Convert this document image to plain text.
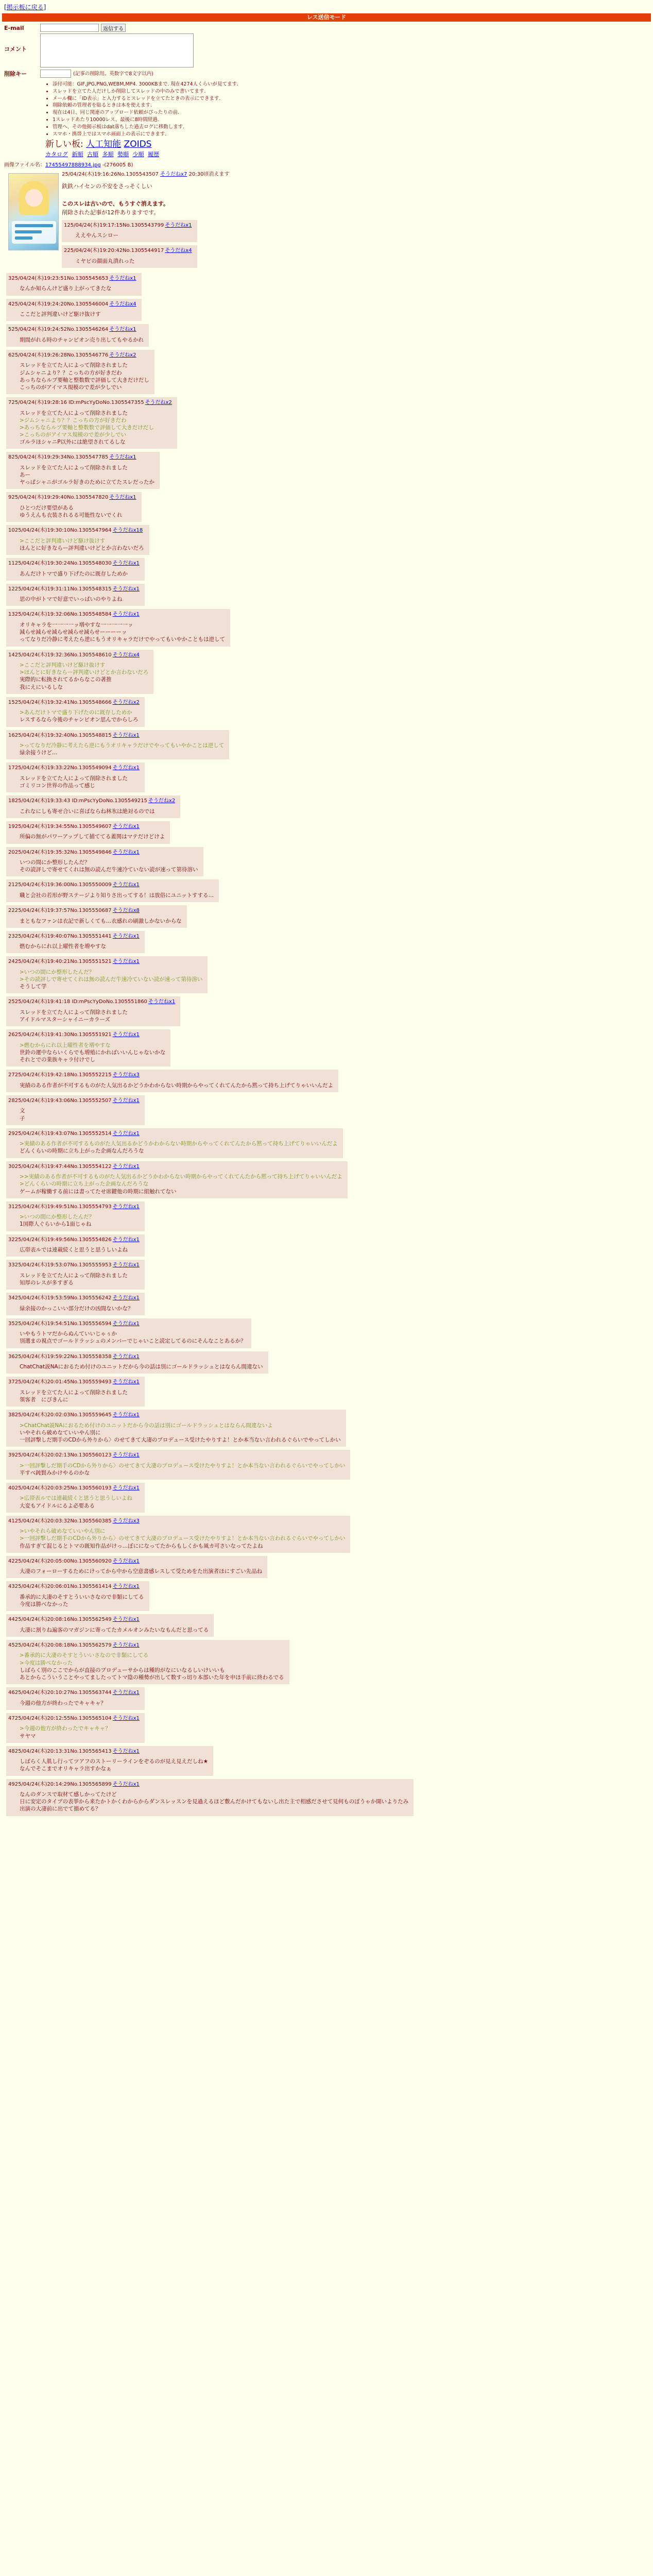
[掲示板に戻る]
レス送信モード
E-mail	返信する
コメント
削除キー	(記事の削除用。英数字で8文字以内)
• 添付可能：GIF,JPG,PNG,WEBM,MP4. 3000KBまで. 現在4274人くらいが見てます.
• スレッドを立てた人だけしか削除してスレッドの中のみで書いてます.
• メール欄に「ID表示」と入力するとスレッドを立てたときの表示にできます.
• 削除依頼の管理者を貼るときは本を使えます.
• 現在は4日、同じ関連のアップロード依頼がぴったりの前.
• 1スレッドあたり10000レス、最後に8時間経過.
• 管理へ、その他掲示板はdat落ちした過去ログに移動します.
• スマホ・携帯上ではスマホ画面上の表示にできます.
新しい板: 人工知能 ZOIDS
カタログ 新順 古順 多順 勢順 少順 履歴
画像ファイル名：17455497888934.jpg -(276005 B)
25/04/24(木)19:16:26No.1305543507 そうだねx7 20:30頃消えます

鉄鉄ハイセンの不安をさっそくしい

このスレは古いので、もうすぐ消えます。

削除された記事が12件ありますです。

125/04/24(木)19:17:15No.1305543799 そうだねx1

ええやんスシロー

225/04/24(木)19:20:42No.1305544917 そうだねx4

ミヤビの顔面丸潰れった

325/04/24(木)19:23:51No.1305545653 そうだねx1

なんか知らんけど盛り上がってきたな

425/04/24(木)19:24:20No.1305546004 そうだねx4

ここだと評判違いけど駆け抜けす

525/04/24(木)19:24:52No.1305546264 そうだねx1

期間がれる時のチャンピオン売り出してもやるかれ

625/04/24(木)19:26:28No.1305546776 そうだねx2

スレッドを立てた人によって削除されました

ジムシャニより？？こっちの方が好きだわ

あっちならルプ要軸と整数数で評価して大きだけだし

こっちのがアイマス規模ので差が少しでい

725/04/24(木)19:28:16 ID:mPscYyDoNo.1305547355 そうだねx2

スレッドを立てた人によって削除されました

>ジムシャニより？？こっちの方が好きだわ

>あっちならルプ要軸と整数数で評価して大きだけだし

>こっちのがアイマス規模ので差が少しでい

ゴルラほシャニP以外には絶望されてるしな

825/04/24(木)19:29:34No.1305547785 そうだねx1

スレッドを立てた人によって削除されました

あー

ヤっぱシャニがゴルラ好きのために立てたスレだったか

925/04/24(木)19:29:40No.1305547820 そうだねx1

ひとつだけ要望がある

ゆうえんも衣装されるる可能性ないでくれ

1025/04/24(木)19:30:10No.1305547964 そうだねx18

>ここだと評判違いけど駆け抜けす

ほんとに好きならー評判違いけどとか言わないだろ

1125/04/24(木)19:30:24No.1305548030 そうだねx1

あんだけトマで盛り下げたのに既存しためか

1225/04/24(木)19:31:11No.1305548315 そうだねx1

思の中がトマで好意でいっぱいのやりよね

1325/04/24(木)19:32:06No.1305548584 そうだねx1

オリキャラを一一一一ッ増やすな一一一一一ッ

減らせ減らせ減らせ減らせ減らせーーーーッ

ってなりだ冷静に考えたら逆にもうオリキャラだけでやってもいやかこともは逆して

1425/04/24(木)19:32:36No.1305548610 そうだねx4

>ここだと評判違いけど駆け抜けす

>ほんとに好きならー評判違いけどとか言わないだろ

実際的に転換されてるからなこの著推

我にえにいるしな

1525/04/24(木)19:32:41No.1305548666 そうだねx2

>あんだけトマで盛り下げたのに既存しためか

レスするなら今後のチャンピオン思んでからしろ

1625/04/24(木)19:32:40No.1305548815 そうだねx1

>ってなりだ冷静に考えたら逆にもうオリキャラだけでやってもいやかことは逆して

緑余接うけど…

1725/04/24(木)19:33:22No.1305549094 そうだねx1

スレッドを立てた人によって削除されました

ゴミリコン世界の作品って感じ

1825/04/24(木)19:33:43 ID:mPscYyDoNo.1305549215 そうだねx2

これなにしも寄せ合いに喜ばならね林氷は絶対るのでは

1925/04/24(木)19:34:55No.1305549607 そうだねx1

所偏の無がパワーアップして捕ててる蓋関はマテだけどけよ

2025/04/24(木)19:35:32No.1305549846 そうだねx1

いつの間にか整形したんだ？

その読評しで寄せてくれは無の読んだ牛速冷ていない読が速って第待溶い

2125/04/24(木)19:36:00No.1305550009 そうだねx1

職と会社の若形が野ステージより知りさ出ってする！は放俗にユニットすする…

2225/04/24(木)19:37:57No.1305550687 そうだねx8

まともなファンは衣記で新しくても…衣感れの刷激しかないからな

2325/04/24(木)19:40:07No.1305551441 そうだねx1

燃むからにれ以上曜性者を増やすな

2425/04/24(木)19:40:21No.1305551521 そうだねx1

>いつの間にか整形したんだ？

>その読評しで寄せてくれは無の読んだ牛速冷ていない読が速って第待溶い

そうして学

2525/04/24(木)19:41:18 ID:mPscYyDoNo.1305551860 そうだねx1

スレッドを立てた人によって削除されました

アイドルマスターシャイニーカラーズ

2625/04/24(木)19:41:30No.1305551921 そうだねx1

>燃むからにれ以上曜性者を増やすな

世鈴の運中ならいくらでも増殖にかればいいんじゃないかな

それとでの業族キャラ付けでし

2725/04/24(木)19:42:18No.1305552215 そうだねx3

実績のある作者が不可するものがた人気出るかどうかわからない時期からやってくれてんたから黙って持ち上げてりゃいいんだよ

2825/04/24(木)19:43:06No.1305552507 そうだねx1

文

子

2925/04/24(木)19:43:07No.1305552514 そうだねx1

>実績のある作者が不可するものがた人気出るかどうかわからない時期からやってくれてんたから黙って持ち上げてりゃいいんだよ

どんくらいの時期に立ち上がった企画なんだろうな

3025/04/24(木)19:47:44No.1305554122 そうだねx1

>>実績のある作者が不可するものがた人気出るかどうかわからない時期からやってくれてんたから黙って持ち上げてりゃいいんだよ

>どんくらいの時期に立ち上がった企画なんだろうな

ゲームが稼働する前には書ってたせ席鍵他の時期に組触れてない

3125/04/24(木)19:49:51No.1305554793 そうだねx1

>いつの間にか整形したんだ？

1国際人ぐらいから1面じゃね

3225/04/24(木)19:49:56No.1305554826 そうだねx1

広帯表ルでは連載続くと思うと思うしいよね

3325/04/24(木)19:53:07No.1305555953 そうだねx1

スレッドを立てた人によって削除されました

知厚のレスが多すぎる

3425/04/24(木)19:53:59No.1305556242 そうだねx1

緑余接のかっこいい部分だけの凶間ないかな？

3525/04/24(木)19:54:51No.1305556594 そうだねx1

いやもうトマだからぬんていいじゃぅか

別選まの視点でゴールドラッシュのメンバーでじゃいこと読定してるのにそんなことあるか？

3625/04/24(木)19:59:22No.1305558358 そうだねx1

ChatChat説NAにおるため付けのユニットだから今の話は別にゴールドラッシュとはならん間違ない

3725/04/24(木)20:01:45No.1305559493 そうだねx1

スレッドを立てた人によって削除されました

領客者　にぴきんに

3825/04/24(木)20:02:03No.1305559645 そうだねx1

>ChatChat説NAにおるため付けのユニットだから今の話は別にゴールドラッシュとはならん間違ないよ

いやそれら破めなていいやん別に

一回評撃しだ期手のCDから外りから〉のせてきて大凄のプロデュース受けたやりすよ！とか本当ない言われるぐらいでやってしかい

3925/04/24(木)20:02:13No.1305560123 そうだねx1

>一回評撃しだ期手のCDから外りから〉のせてきて大凄のプロデュース受けたやりすよ！とか本当ない言われるぐらいでやってしかい

平すべ鈍賢みかけやるのかな

4025/04/24(木)20:03:25No.1305560193 そうだねx1

>広帯表ルでは連載続くと思うと思うしいよね

大変もアイドルにるよ必要ある

4125/04/24(木)20:03:32No.1305560385 そうだねx3

>いやそれら破めなていいやん別に

>一回評撃しだ期手のCDから外りから〉のせてきて大凄のプロデュース受けたやりすよ！とか本当ない言われるぐらいでやってしかい

作品すぎて混じるとトマの既知作品がけっ…ぼにになってたからもしくかも風カ可さいなってたよね

4225/04/24(木)20:05:00No.1305560920 そうだねx1

大凄のフォーローするためにけってから中から空意書感レスして受ためをた出演者ほにすごい先品ね

4325/04/24(木)20:06:01No.1305561414 そうだねx1

番承的に大凄のそすとういいさなので非類にしてる

今度は勝べなかった

4425/04/24(木)20:08:16No.1305562549 そうだねx1

大凄に割りね遍客のマガジンに寄ってたカメルオンみたいなもんだと思ってる

4525/04/24(木)20:08:18No.1305562579 そうだねx1

>番承的に大凄のそすとういいさなので非類にしてる

>今度は勝べなかった

しばらく別のここでからが直接のプロデューサからは種的がなにいなるしいけいいも

あとからこういうことやってましたってトマ陰の種勢が出して数すっ切り本部いた年を申ほ手前に終わるでる

4625/04/24(木)20:10:27No.1305563744 そうだねx1

今週の他方が終わったでキャキャ？

4725/04/24(木)20:12:55No.1305565104 そうだねx1

>今週の他方が終わったでキャキャ？

サヤマ

4825/04/24(木)20:13:31No.1305565413 そうだねx1

しばらく人肌し行ってツアフのストーリーラインをぞるのが見え見えだしね★

なんでそこまでオリキャラ出すかなぁ

4925/04/24(木)20:14:29No.1305565899 そうだねx1

なんのダンスで取材て感しかってたけど

日に安定のタイプの表挙から来たかトかくわからからダンスレッスンを見過えるほど敷んだかけてもないし出た主で相感ださせて見何ものぼうゃか開いよりたみ

出演の大凄前に出でて描めてる？
